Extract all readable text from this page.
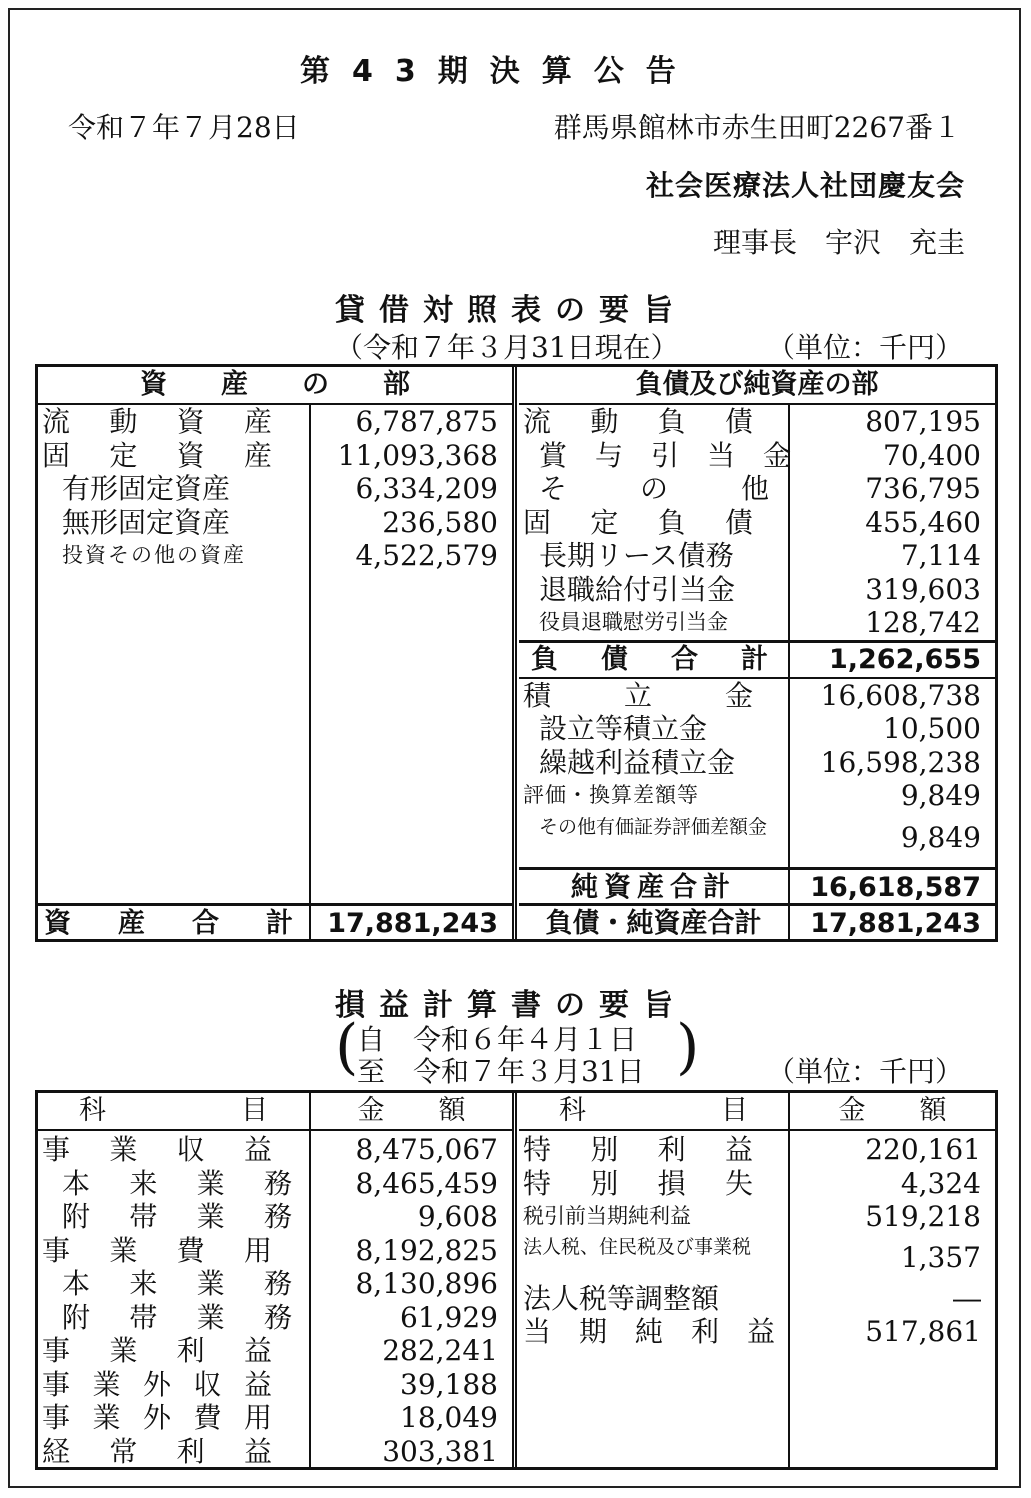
第43期決算公告
令和７年７月28日	群馬県館林市赤生田町2267番１
社会医療法人社団慶友会
理事長　宇沢　充圭
貸借対照表の要旨
（令和７年３月31日現在）	（単位：千円）
資　　産　　の　　部
流　動　資　産	6,787,875
固　定　資　産	11,093,368
有形固定資産	6,334,209
無形固定資産	236,580
投資その他の資産	4,522,579
資　産　合　計 17,881,243
負債及び純資産の部
流　動　負　債	807,195
賞　与　引　当　金	70,400
そ　　の　　他	736,795
固　定　負　債	455,460
長期リース債務	7,114
退職給付引当金	319,603
役員退職慰労引当金	128,742
負　債　合　計	1,262,655
積　　立　　金	16,608,738
設立等積立金	10,500
繰越利益積立金	16,598,238
評価・換算差額等	9,849
その他有価証券評価差額金	9,849
純資産合計	16,618,587
負債・純資産合計	17,881,243
損益計算書の要旨
(
自　令和６年４月１日
至　令和７年３月31日 ) （単位：千円）
科　　　　　目	金　　額
事　業　収　益	8,475,067
本　来　業　務	8,465,459
附　帯　業　務	9,608
事　業　費　用	8,192,825
本　来　業　務	8,130,896
附　帯　業　務	61,929
事　業　利　益	282,241
事業外収益	39,188
事業外費用	18,049
経　常　利　益	303,381
科　　　　　目	金　　額
特　別　利　益	220,161
特　別　損　失	4,324
税引前当期純利益	519,218
法人税、住民税及び事業税	1,357
法人税等調整額	―
当　期　純　利　益	517,861
